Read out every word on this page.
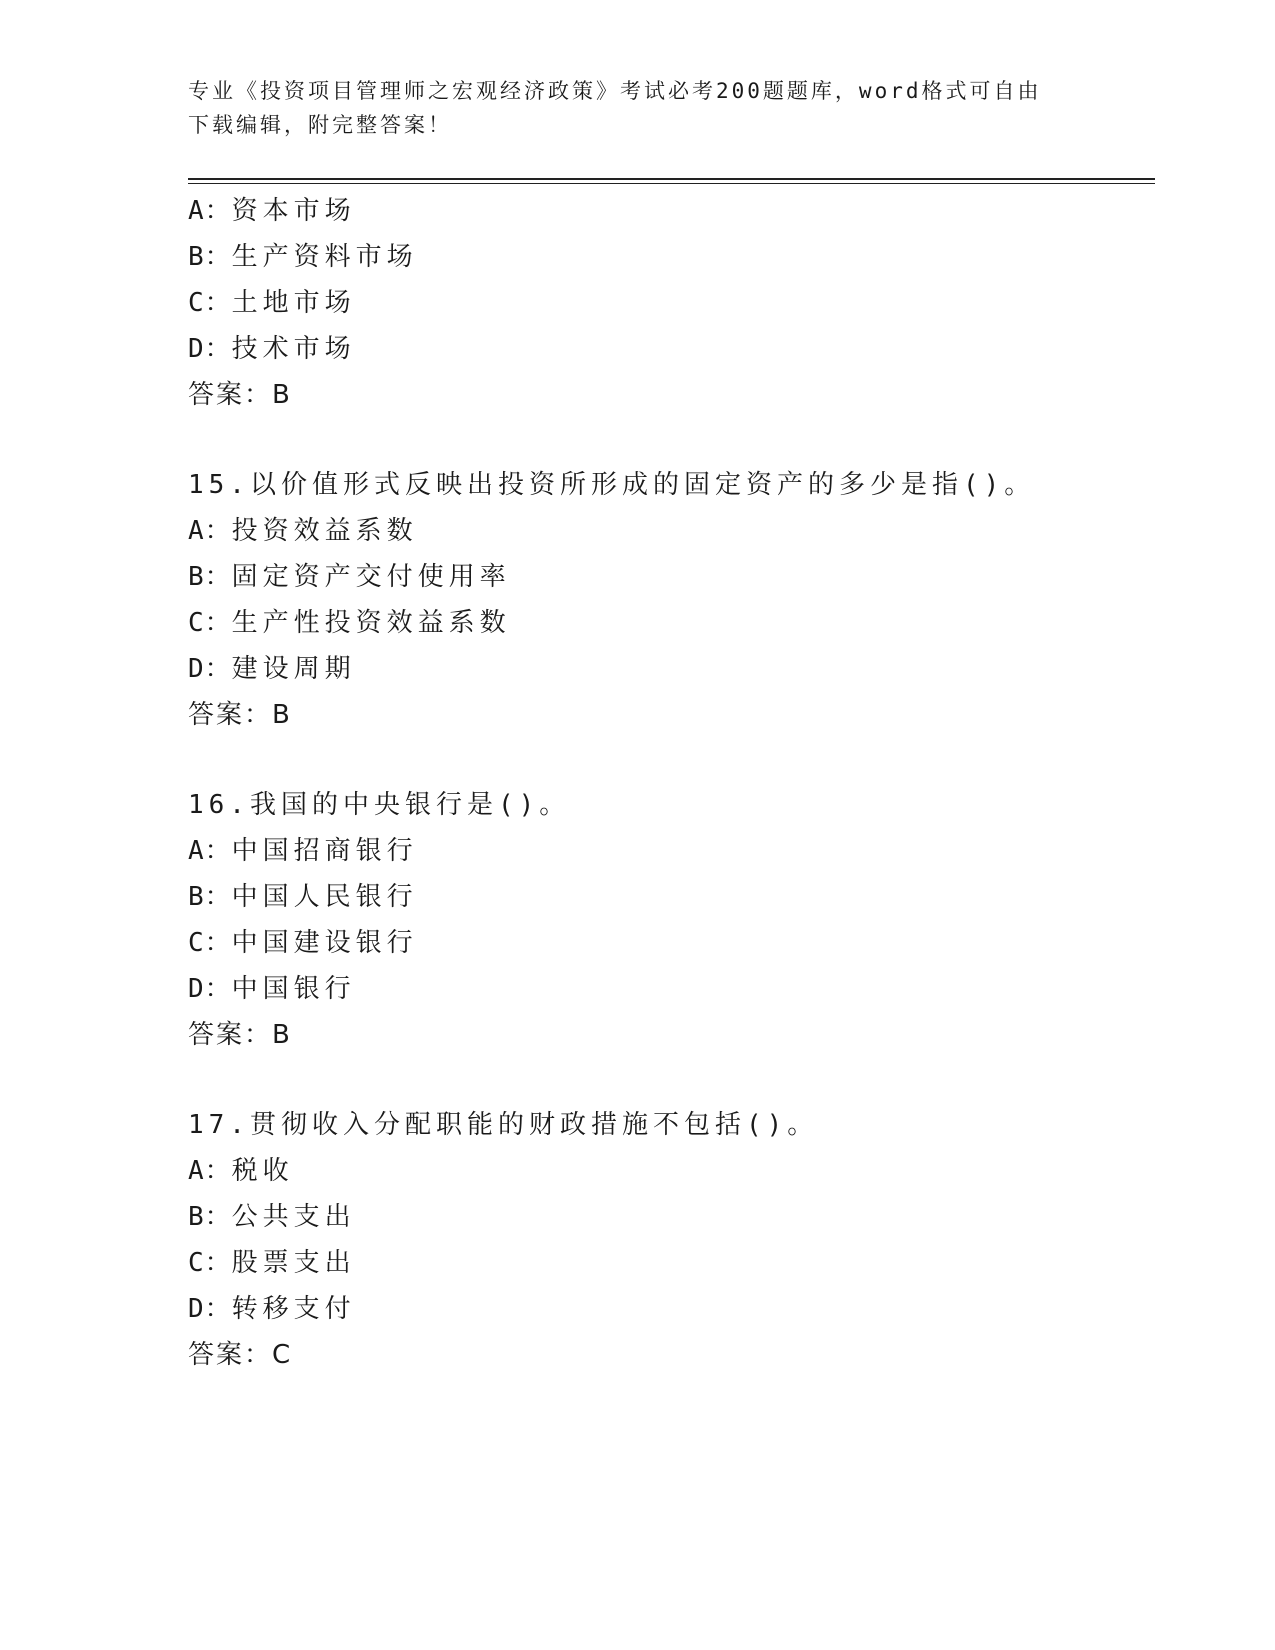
专业《投资项目管理师之宏观经济政策》考试必考200题题库，word格式可自由
下载编辑，附完整答案！
A：资本市场
B：生产资料市场
C：土地市场
D：技术市场
答案：B
15.以价值形式反映出投资所形成的固定资产的多少是指()。
A：投资效益系数
B：固定资产交付使用率
C：生产性投资效益系数
D：建设周期
答案：B
16.我国的中央银行是()。
A：中国招商银行
B：中国人民银行
C：中国建设银行
D：中国银行
答案：B
17.贯彻收入分配职能的财政措施不包括()。
A：税收
B：公共支出
C：股票支出
D：转移支付
答案：C
